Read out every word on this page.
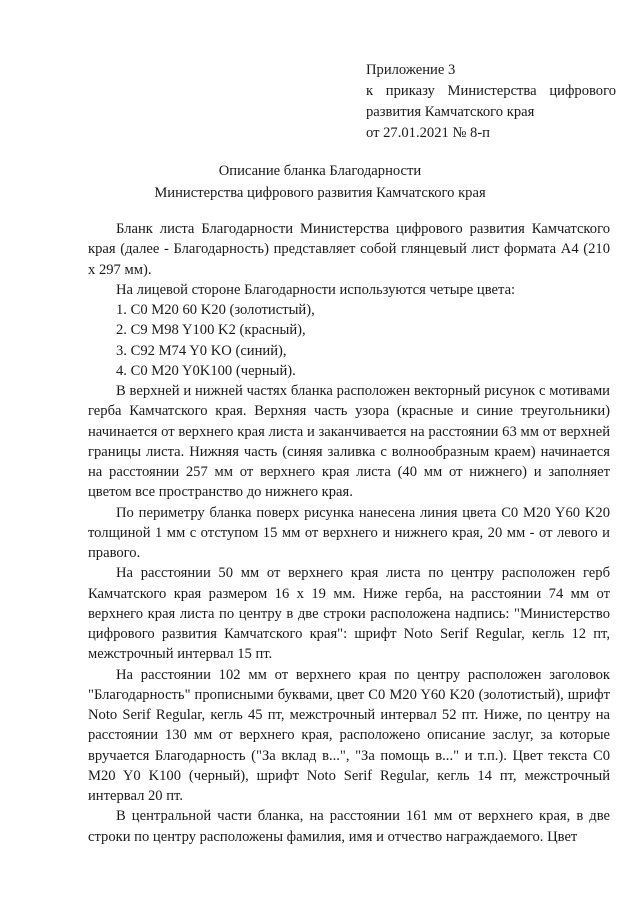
Приложение 3
к приказу Министерства цифрового
развития Камчатского края
от 27.01.2021 № 8-п
Описание бланка Благодарности
Министерства цифрового развития Камчатского края

Бланк листа Благодарности Министерства цифрового развития Камчатского края (далее - Благодарность) представляет собой глянцевый лист формата А4 (210 х 297 мм).

На лицевой стороне Благодарности используются четыре цвета:

1. C0 M20 60 K20 (золотистый),

2. C9 M98 Y100 K2 (красный),

3. C92 M74 Y0 KO (синий),

4. C0 M20 Y0K100 (черный).

В верхней и нижней частях бланка расположен векторный рисунок с мотивами герба Камчатского края. Верхняя часть узора (красные и синие треугольники) начинается от верхнего края листа и заканчивается на расстоянии 63 мм от верхней границы листа. Нижняя часть (синяя заливка с волнообразным краем) начинается на расстоянии 257 мм от верхнего края листа (40 мм от нижнего) и заполняет цветом все пространство до нижнего края.

По периметру бланка поверх рисунка нанесена линия цвета C0 M20 Y60 K20 толщиной 1 мм с отступом 15 мм от верхнего и нижнего края, 20 мм - от левого и правого.

На расстоянии 50 мм от верхнего края листа по центру расположен герб Камчатского края размером 16 х 19 мм. Ниже герба, на расстоянии 74 мм от верхнего края листа по центру в две строки расположена надпись: "Министерство цифрового развития Камчатского края": шрифт Noto Serif Regular, кегль 12 пт, межстрочный интервал 15 пт.

На расстоянии 102 мм от верхнего края по центру расположен заголовок "Благодарность" прописными буквами, цвет C0 M20 Y60 K20 (золотистый), шрифт Noto Serif Regular, кегль 45 пт, межстрочный интервал 52 пт. Ниже, по центру на расстоянии 130 мм от верхнего края, расположено описание заслуг, за которые вручается Благодарность ("За вклад в...", "За помощь в..." и т.п.). Цвет текста C0 M20 Y0 K100 (черный), шрифт Noto Serif Regular, кегль 14 пт, межстрочный интервал 20 пт.

В центральной части бланка, на расстоянии 161 мм от верхнего края, в две строки по центру расположены фамилия, имя и отчество награждаемого. Цвет
